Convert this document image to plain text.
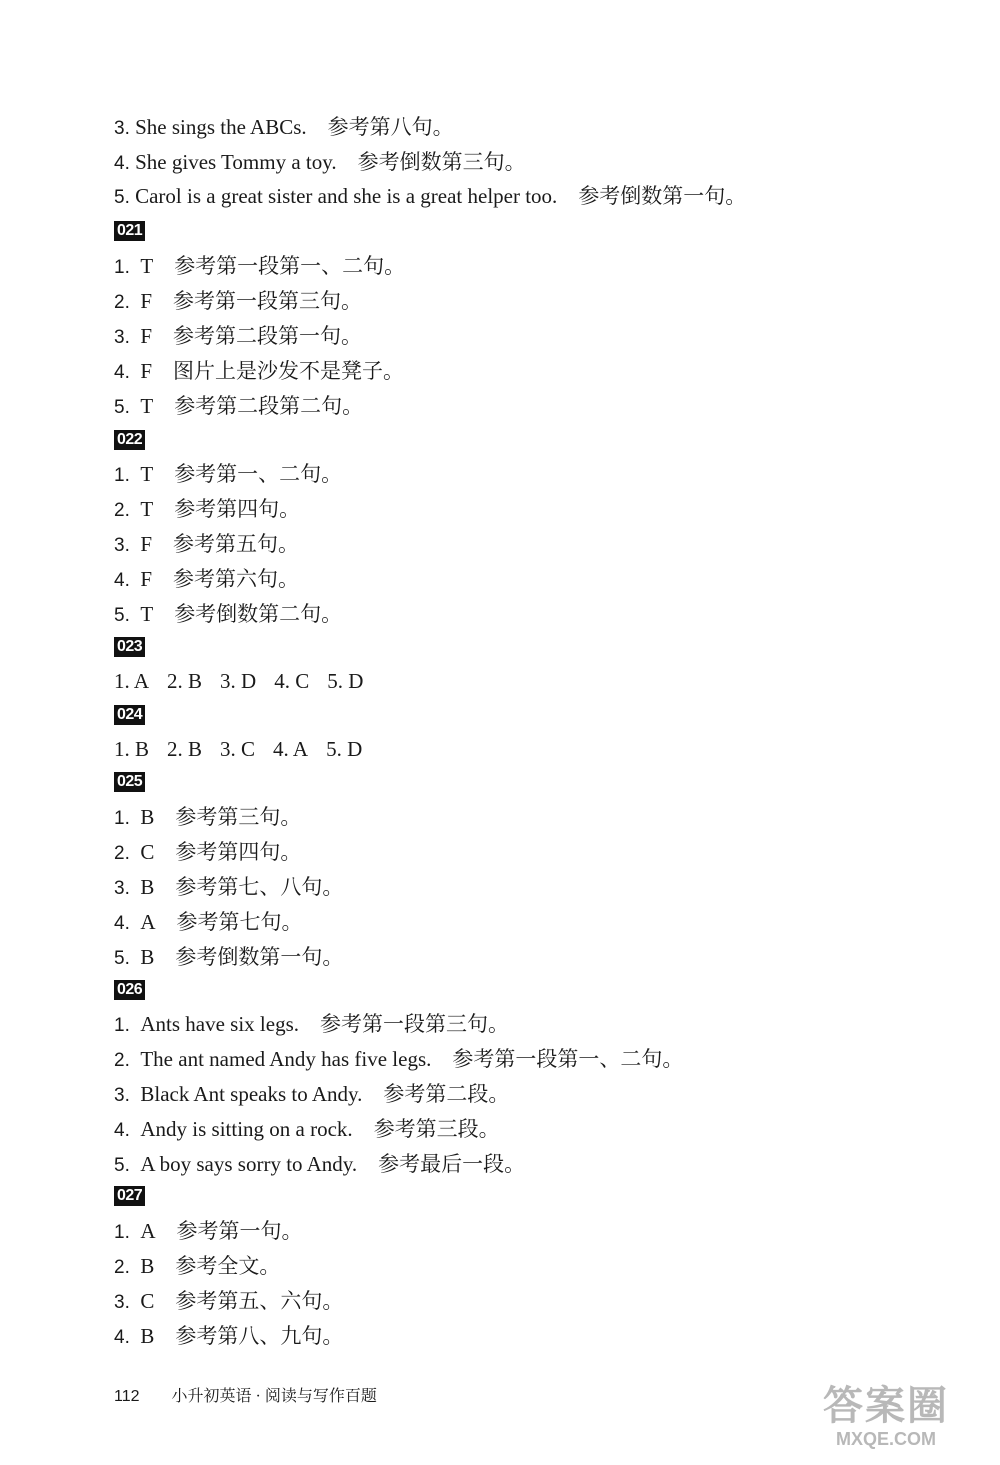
3. She sings the ABCs. 参考第八句。
4. She gives Tommy a toy. 参考倒数第三句。
5. Carol is a great sister and she is a great helper too. 参考倒数第一句。
021
1. T 参考第一段第一、二句。
2. F 参考第一段第三句。
3. F 参考第二段第一句。
4. F 图片上是沙发不是凳子。
5. T 参考第二段第二句。
022
1. T 参考第一、二句。
2. T 参考第四句。
3. F 参考第五句。
4. F 参考第六句。
5. T 参考倒数第二句。
023
1. A 2. B 3. D 4. C 5. D
024
1. B 2. B 3. C 4. A 5. D
025
1. B 参考第三句。
2. C 参考第四句。
3. B 参考第七、八句。
4. A 参考第七句。
5. B 参考倒数第一句。
026
1. Ants have six legs. 参考第一段第三句。
2. The ant named Andy has five legs. 参考第一段第一、二句。
3. Black Ant speaks to Andy. 参考第二段。
4. Andy is sitting on a rock. 参考第三段。
5. A boy says sorry to Andy. 参考最后一段。
027
1. A 参考第一句。
2. B 参考全文。
3. C 参考第五、六句。
4. B 参考第八、九句。
112 小升初英语 · 阅读与写作百题	答案圈
MXQE.COM
